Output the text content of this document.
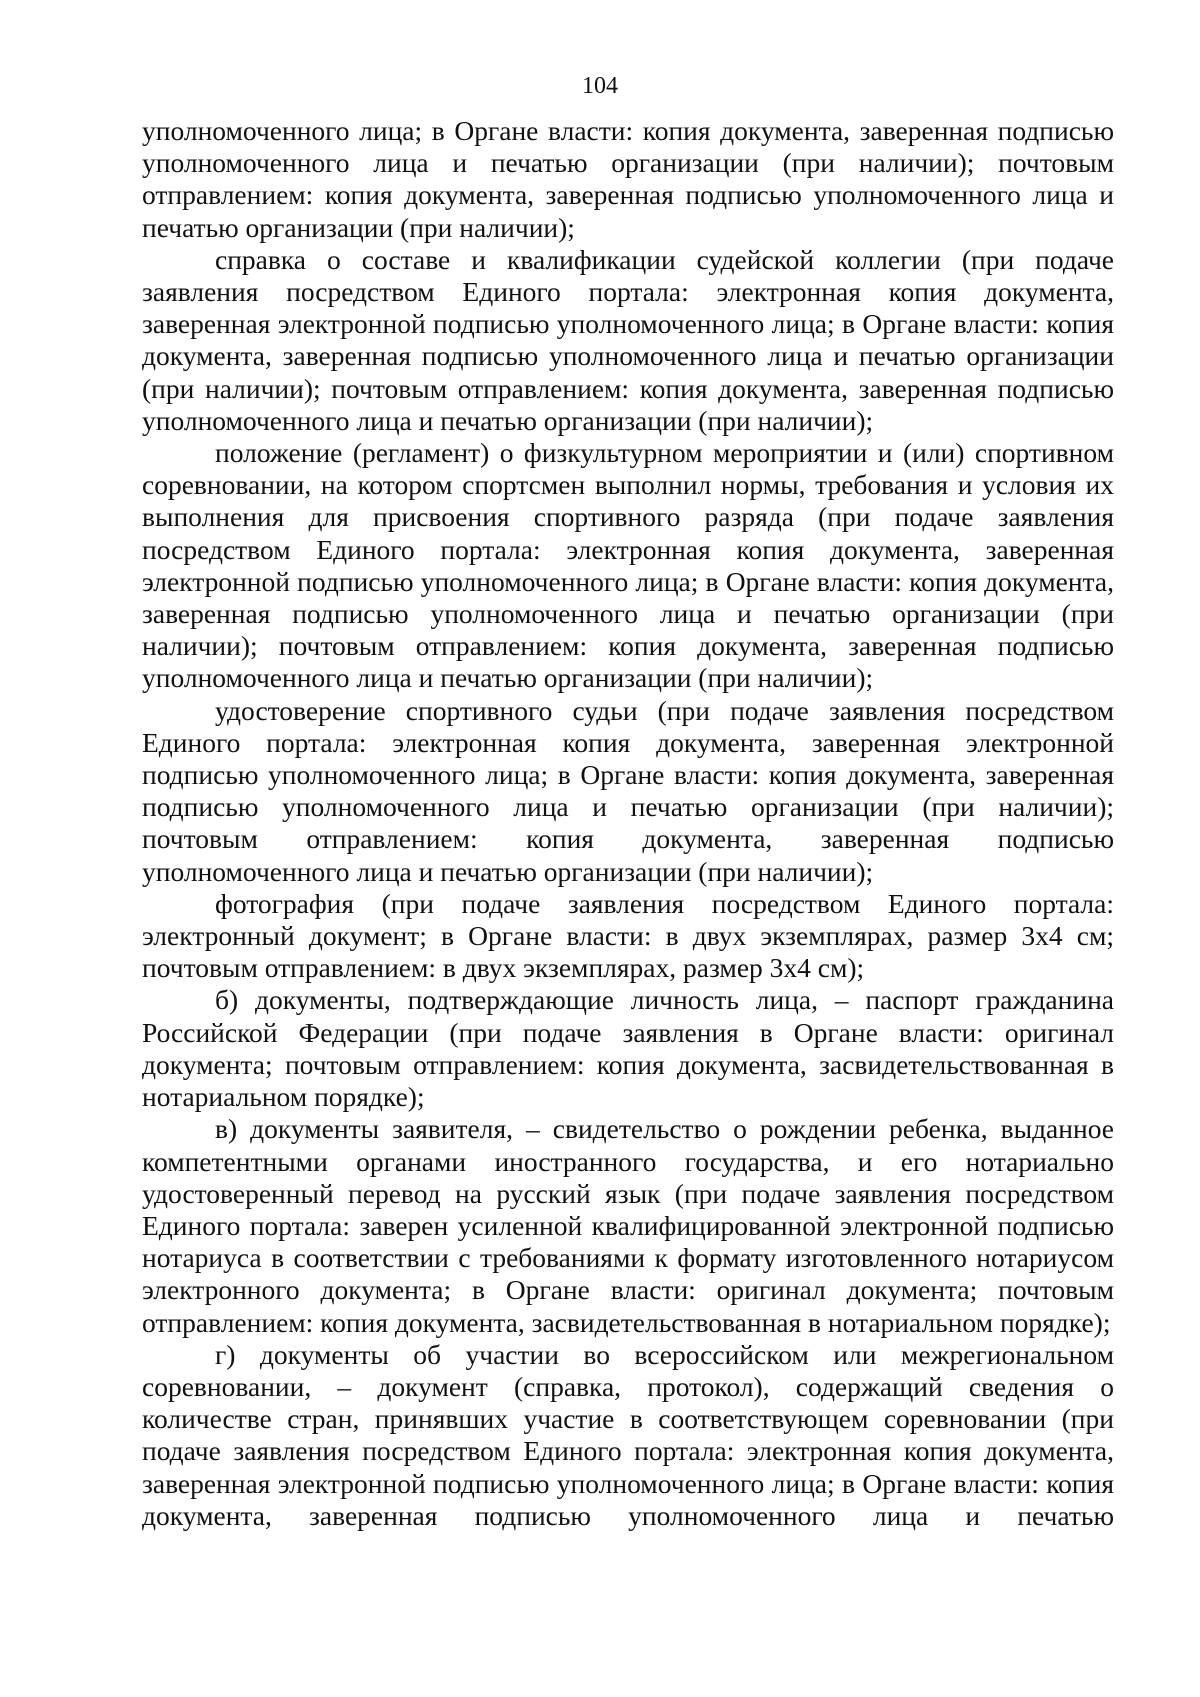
104

уполномоченного лица; в Органе власти: копия документа, заверенная подписью уполномоченного лица и печатью организации (при наличии); почтовым отправлением: копия документа, заверенная подписью уполномоченного лица и печатью организации (при наличии);

справка о составе и квалификации судейской коллегии (при подаче заявления посредством Единого портала: электронная копия документа, заверенная электронной подписью уполномоченного лица; в Органе власти: копия документа, заверенная подписью уполномоченного лица и печатью организации (при наличии); почтовым отправлением: копия документа, заверенная подписью уполномоченного лица и печатью организации (при наличии);

положение (регламент) о физкультурном мероприятии и (или) спортивном соревновании, на котором спортсмен выполнил нормы, требования и условия их выполнения для присвоения спортивного разряда (при подаче заявления посредством Единого портала: электронная копия документа, заверенная электронной подписью уполномоченного лица; в Органе власти: копия документа, заверенная подписью уполномоченного лица и печатью организации (при наличии); почтовым отправлением: копия документа, заверенная подписью уполномоченного лица и печатью организации (при наличии);

удостоверение спортивного судьи (при подаче заявления посредством Единого портала: электронная копия документа, заверенная электронной подписью уполномоченного лица; в Органе власти: копия документа, заверенная подписью уполномоченного лица и печатью организации (при наличии); почтовым отправлением: копия документа, заверенная подписью уполномоченного лица и печатью организации (при наличии);

фотография (при подаче заявления посредством Единого портала: электронный документ; в Органе власти: в двух экземплярах, размер 3x4 см; почтовым отправлением: в двух экземплярах, размер 3x4 см);

б) документы, подтверждающие личность лица, – паспорт гражданина Российской Федерации (при подаче заявления в Органе власти: оригинал документа; почтовым отправлением: копия документа, засвидетельствованная в нотариальном порядке);

в) документы заявителя, – свидетельство о рождении ребенка, выданное компетентными органами иностранного государства, и его нотариально удостоверенный перевод на русский язык (при подаче заявления посредством Единого портала: заверен усиленной квалифицированной электронной подписью нотариуса в соответствии с требованиями к формату изготовленного нотариусом электронного документа; в Органе власти: оригинал документа; почтовым отправлением: копия документа, засвидетельствованная в нотариальном порядке);

г) документы об участии во всероссийском или межрегиональном соревновании, – документ (справка, протокол), содержащий сведения о количестве стран, принявших участие в соответствующем соревновании (при подаче заявления посредством Единого портала: электронная копия документа, заверенная электронной подписью уполномоченного лица; в Органе власти: копия документа, заверенная подписью уполномоченного лица и печатью
